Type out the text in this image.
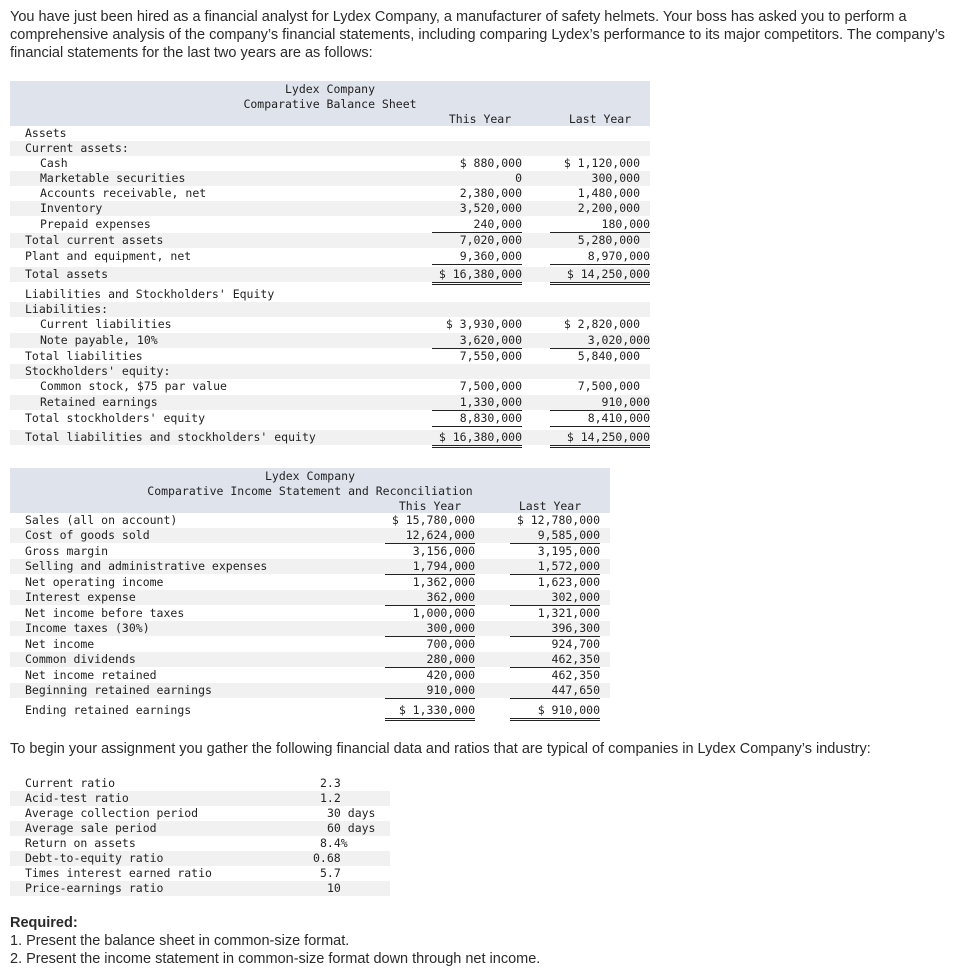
You have just been hired as a financial analyst for Lydex Company, a manufacturer of safety helmets. Your boss has asked you to perform a comprehensive analysis of the company’s financial statements, including comparing Lydex’s performance to its major competitors. The company’s financial statements for the last two years are as follows:
Lydex Company
Comparative Balance Sheet
This Year	Last Year
Assets
Current assets:
Cash	$ 880,000	$ 1,120,000
Marketable securities	0	300,000
Accounts receivable, net	2,380,000	1,480,000
Inventory	3,520,000	2,200,000
Prepaid expenses	240,000	180,000
Total current assets	7,020,000	5,280,000
Plant and equipment, net	9,360,000	8,970,000
Total assets	$ 16,380,000	$ 14,250,000
Liabilities and Stockholders' Equity
Liabilities:
Current liabilities	$ 3,930,000	$ 2,820,000
Note payable, 10%	3,620,000	3,020,000
Total liabilities	7,550,000	5,840,000
Stockholders' equity:
Common stock, $75 par value	7,500,000	7,500,000
Retained earnings	1,330,000	910,000
Total stockholders' equity	8,830,000	8,410,000
Total liabilities and stockholders' equity	$ 16,380,000	$ 14,250,000
Lydex Company
Comparative Income Statement and Reconciliation
This Year	Last Year
Sales (all on account)	$ 15,780,000	$ 12,780,000
Cost of goods sold	12,624,000	9,585,000
Gross margin	3,156,000	3,195,000
Selling and administrative expenses	1,794,000	1,572,000
Net operating income	1,362,000	1,623,000
Interest expense	362,000	302,000
Net income before taxes	1,000,000	1,321,000
Income taxes (30%)	300,000	396,300
Net income	700,000	924,700
Common dividends	280,000	462,350
Net income retained	420,000	462,350
Beginning retained earnings	910,000	447,650
Ending retained earnings	$ 1,330,000	$ 910,000
To begin your assignment you gather the following financial data and ratios that are typical of companies in Lydex Company’s industry:
Current ratio	2.3
Acid-test ratio	1.2
Average collection period	30 days
Average sale period	60 days
Return on assets	8.4%
Debt-to-equity ratio	0.68
Times interest earned ratio	5.7
Price-earnings ratio	10
Required:
1. Present the balance sheet in common-size format.
2. Present the income statement in common-size format down through net income.
